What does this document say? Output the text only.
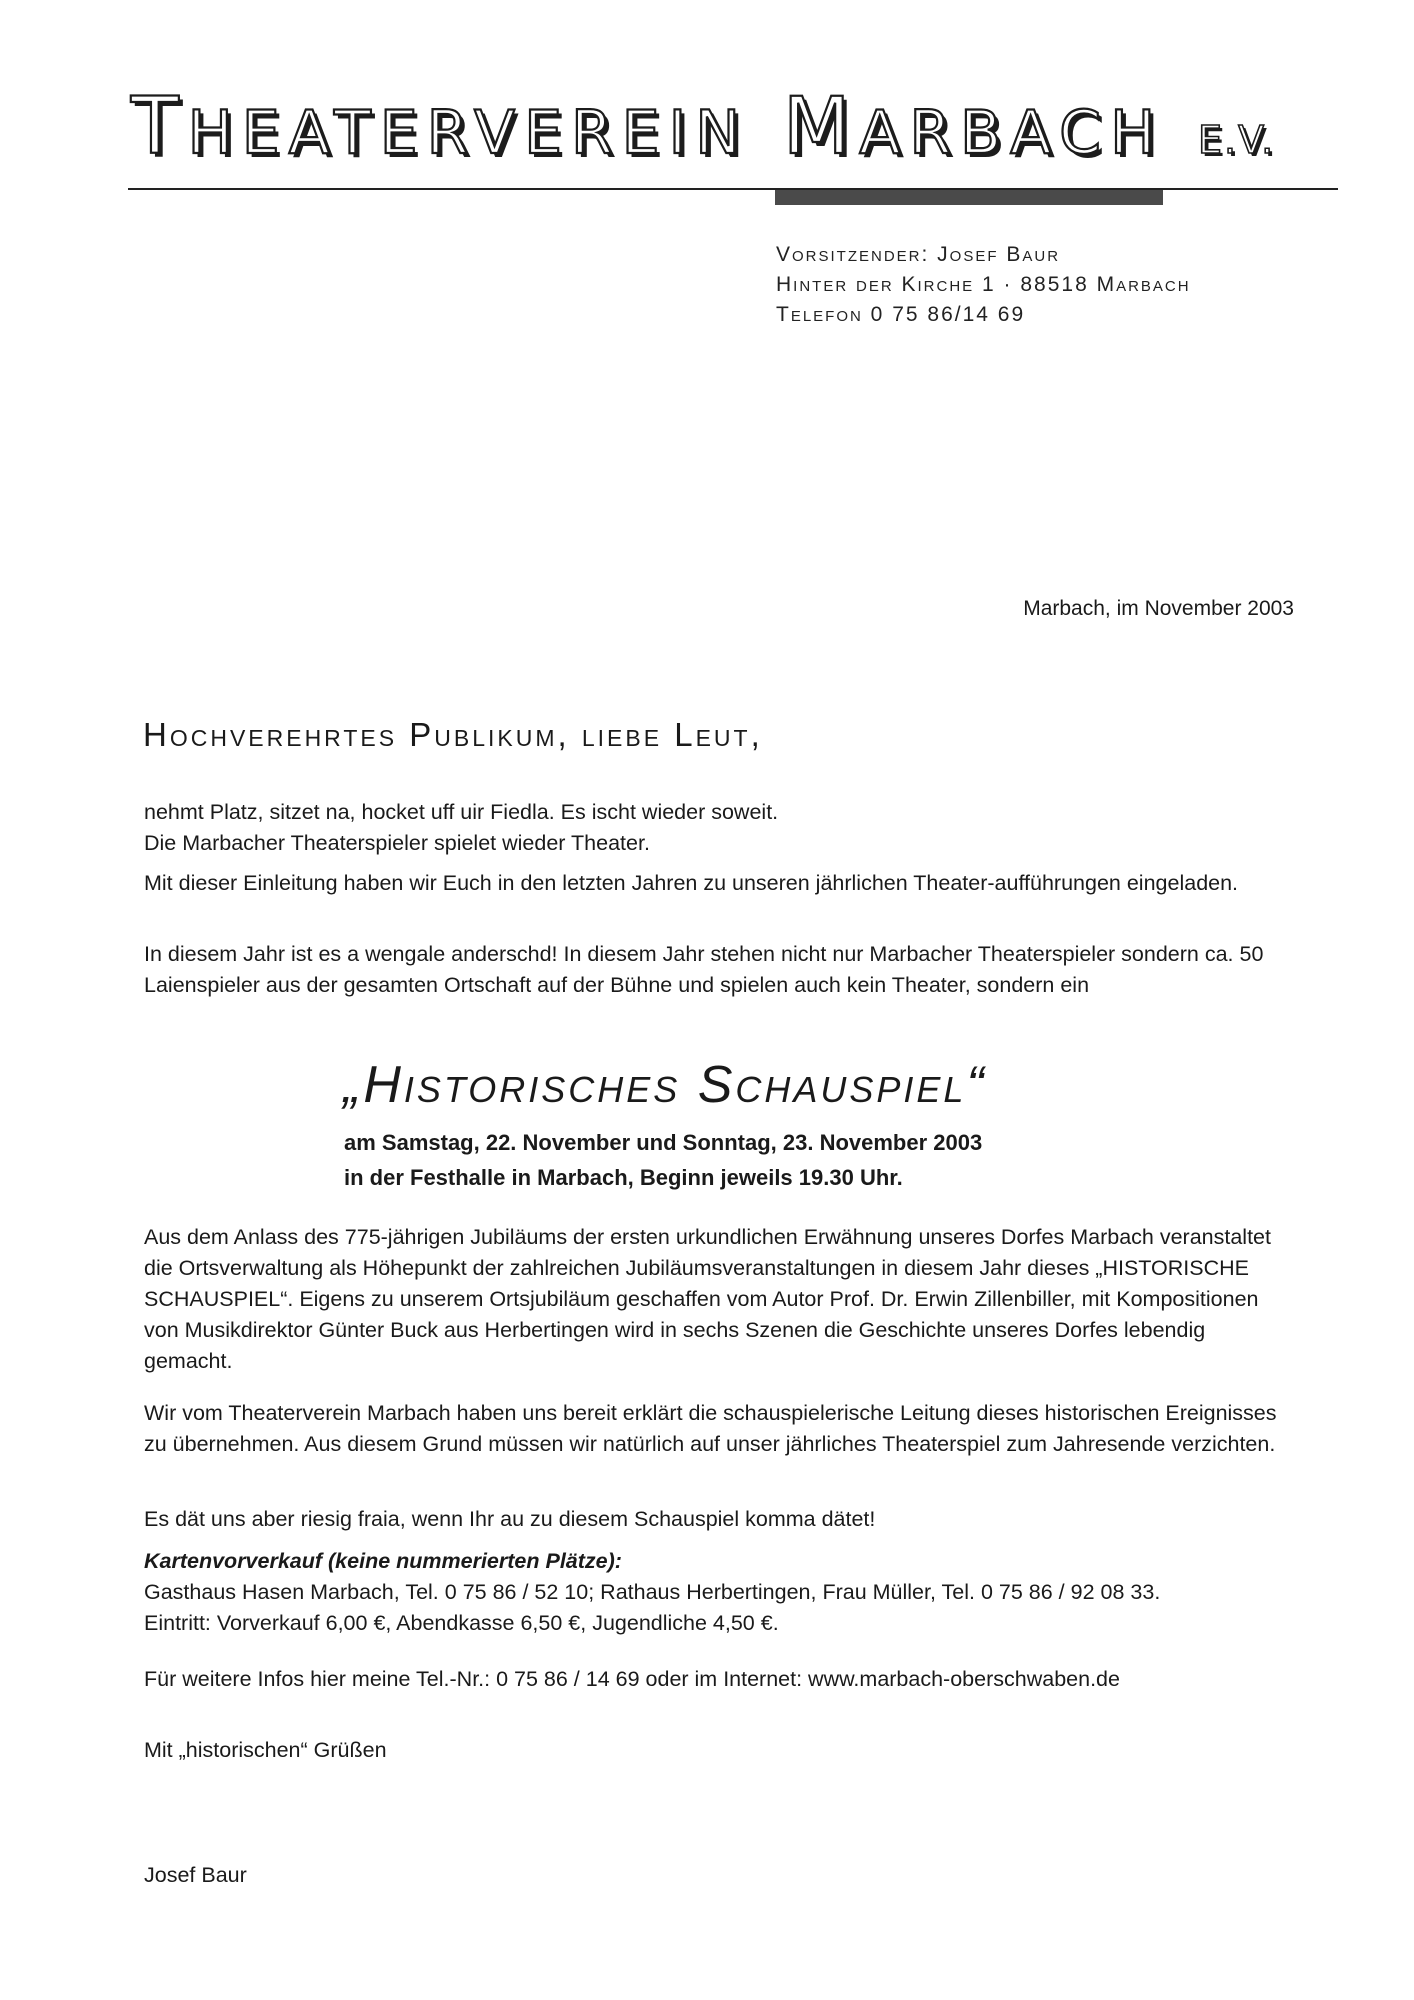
THEATERVEREIN MARBACH E.V.
Vorsitzender: Josef Baur
Hinter der Kirche 1 · 88518 Marbach
Telefon 0 75 86/14 69
Marbach, im November 2003
Hochverehrtes Publikum, liebe Leut,
nehmt Platz, sitzet na, hocket uff uir Fiedla. Es ischt wieder soweit.
Die Marbacher Theaterspieler spielet wieder Theater.
Mit dieser Einleitung haben wir Euch in den letzten Jahren zu unseren jährlichen Theater-aufführungen eingeladen.
In diesem Jahr ist es a wengale anderschd! In diesem Jahr stehen nicht nur Marbacher Theaterspieler sondern ca. 50 Laienspieler aus der gesamten Ortschaft auf der Bühne und spielen auch kein Theater, sondern ein
„Historisches Schauspiel“
am Samstag, 22. November und Sonntag, 23. November 2003
in der Festhalle in Marbach, Beginn jeweils 19.30 Uhr.
Aus dem Anlass des 775-jährigen Jubiläums der ersten urkundlichen Erwähnung unseres Dorfes Marbach veranstaltet die Ortsverwaltung als Höhepunkt der zahlreichen Jubiläumsveranstaltungen in diesem Jahr dieses „HISTORISCHE SCHAUSPIEL“. Eigens zu unserem Ortsjubiläum geschaffen vom Autor Prof. Dr. Erwin Zillenbiller, mit Kompositionen von Musikdirektor Günter Buck aus Herbertingen wird in sechs Szenen die Geschichte unseres Dorfes lebendig gemacht.
Wir vom Theaterverein Marbach haben uns bereit erklärt die schauspielerische Leitung dieses historischen Ereignisses zu übernehmen. Aus diesem Grund müssen wir natürlich auf unser jährliches Theaterspiel zum Jahresende verzichten.
Es dät uns aber riesig fraia, wenn Ihr au zu diesem Schauspiel komma dätet!
Kartenvorverkauf (keine nummerierten Plätze):
Gasthaus Hasen Marbach, Tel. 0 75 86 / 52 10; Rathaus Herbertingen, Frau Müller, Tel. 0 75 86 / 92 08 33.
Eintritt: Vorverkauf 6,00 €, Abendkasse 6,50 €, Jugendliche 4,50 €.
Für weitere Infos hier meine Tel.-Nr.: 0 75 86 / 14 69 oder im Internet: www.marbach-oberschwaben.de
Mit „historischen“ Grüßen
Josef Baur
